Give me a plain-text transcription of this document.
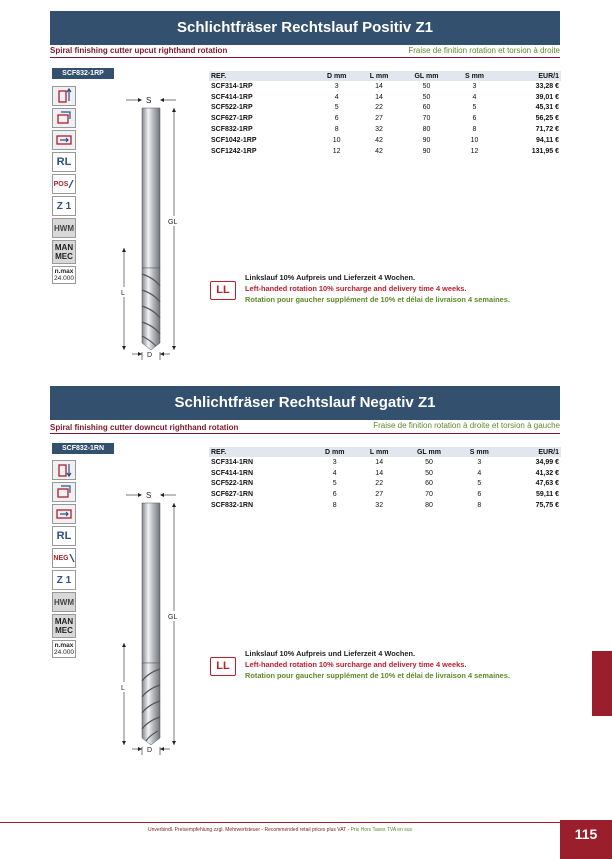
Schlichtfräser Rechtslauf Positiv Z1
Spiral finishing cutter upcut righthand rotation	Fraise de finition rotation et torsion à droite
SCF832-1RP
RL
POS
Z 1
HWM
MAN
MEC
n.max
24.000
S
GL
L
D
REF.	D mm	L mm	GL mm	S mm	EUR/1
SCF314-1RP	3	14	50	3	33,28 €
SCF414-1RP	4	14	50	4	39,01 €
SCF522-1RP	5	22	60	5	45,31 €
SCF627-1RP	6	27	70	6	56,25 €
SCF832-1RP	8	32	80	8	71,72 €
SCF1042-1RP	10	42	90	10	94,11 €
SCF1242-1RP	12	42	90	12	131,95 €
LL
Linkslauf 10% Aufpreis und Lieferzeit 4 Wochen.
Left-handed rotation 10% surcharge and delivery time 4 weeks.
Rotation pour gaucher supplément de 10% et délai de livraison 4 semaines.
Schlichtfräser Rechtslauf Negativ Z1
Spiral finishing cutter downcut righthand rotation	Fraise de finition rotation à droite et torsion à gauche
SCF832-1RN
RL
NEG
Z 1
HWM
MAN
MEC
n.max
24.000
S
GL
L
D
REF.	D mm	L mm	GL mm	S mm	EUR/1
SCF314-1RN	3	14	50	3	34,99 €
SCF414-1RN	4	14	50	4	41,32 €
SCF522-1RN	5	22	60	5	47,63 €
SCF627-1RN	6	27	70	6	59,11 €
SCF832-1RN	8	32	80	8	75,75 €
LL
Linkslauf 10% Aufpreis und Lieferzeit 4 Wochen.
Left-handed rotation 10% surcharge and delivery time 4 weeks.
Rotation pour gaucher supplément de 10% et délai de livraison 4 semaines.
Unverbindl. Preisempfehlung zzgl. Mehrwertsteuer - Recommended retail prices plus VAT - Prix Hors Taxes TVA en sus	115
